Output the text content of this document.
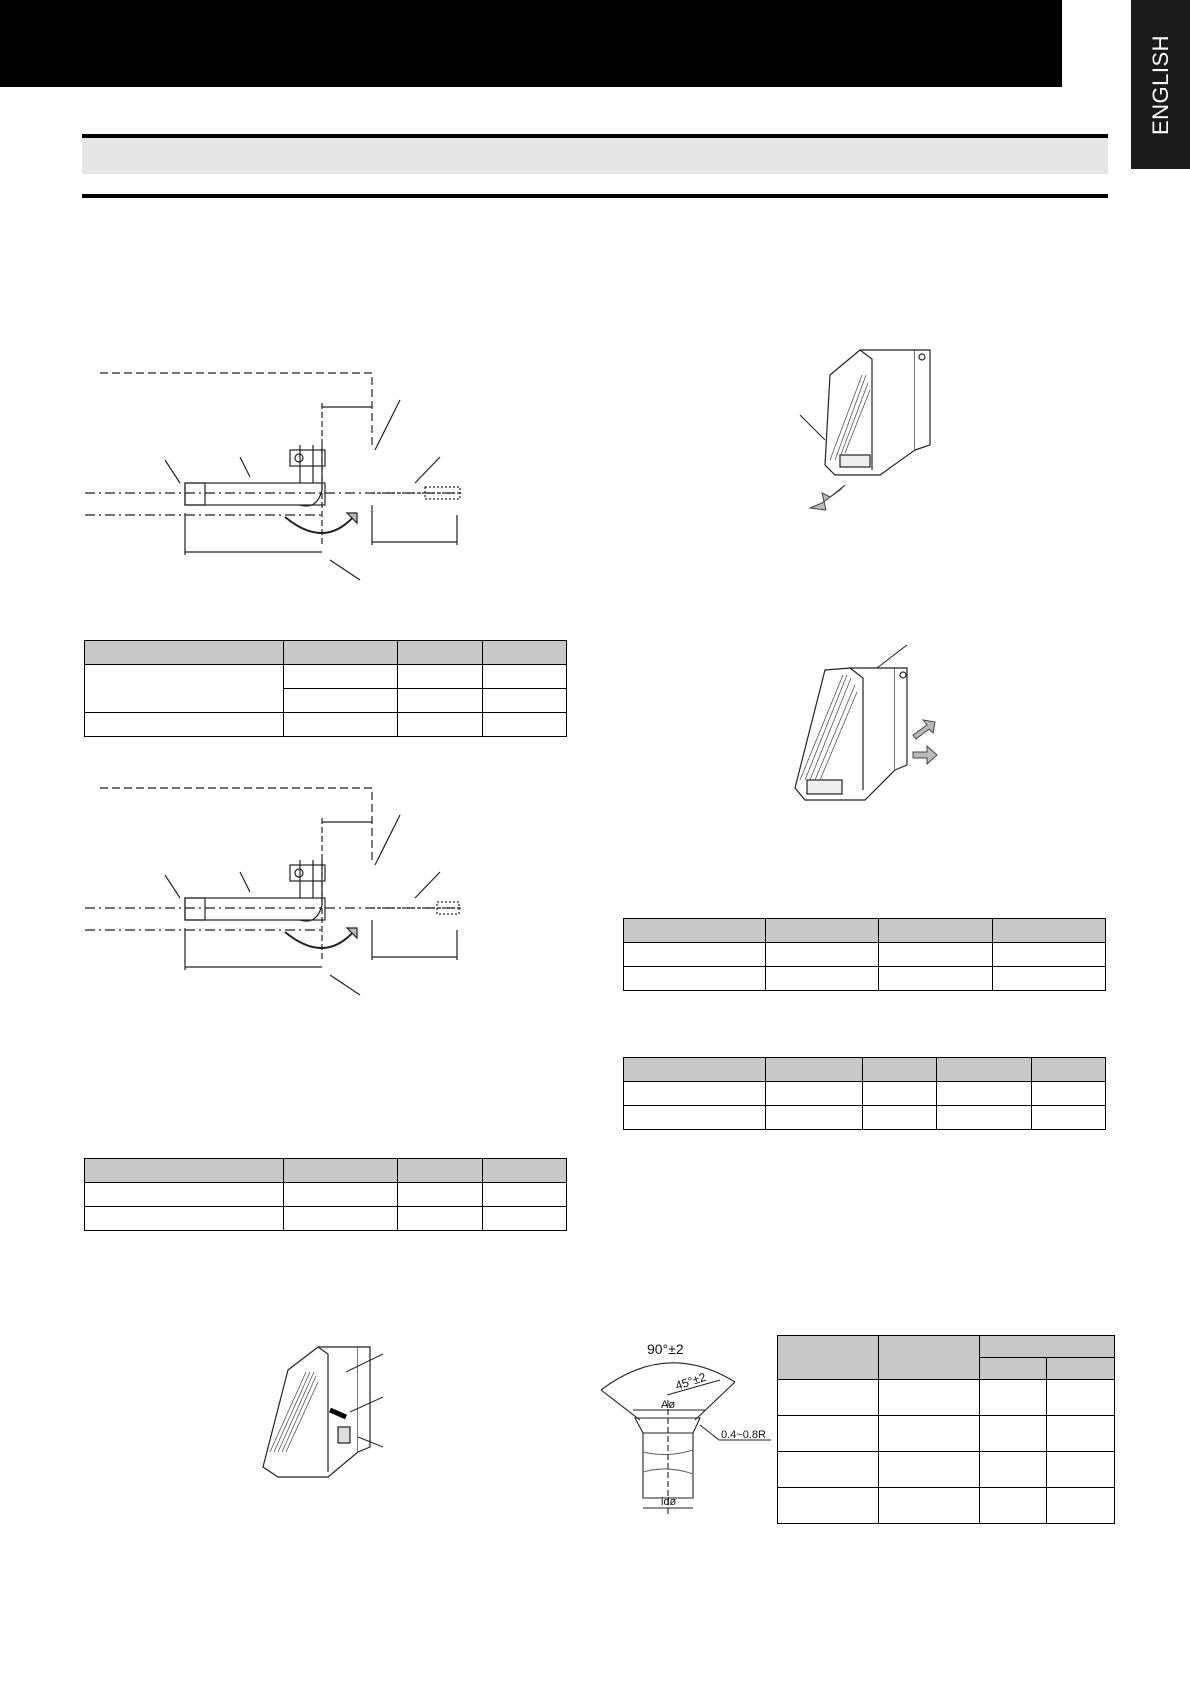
ENGLISH

90°±2
45°±2
Aø
0.4~0.8R
idø
